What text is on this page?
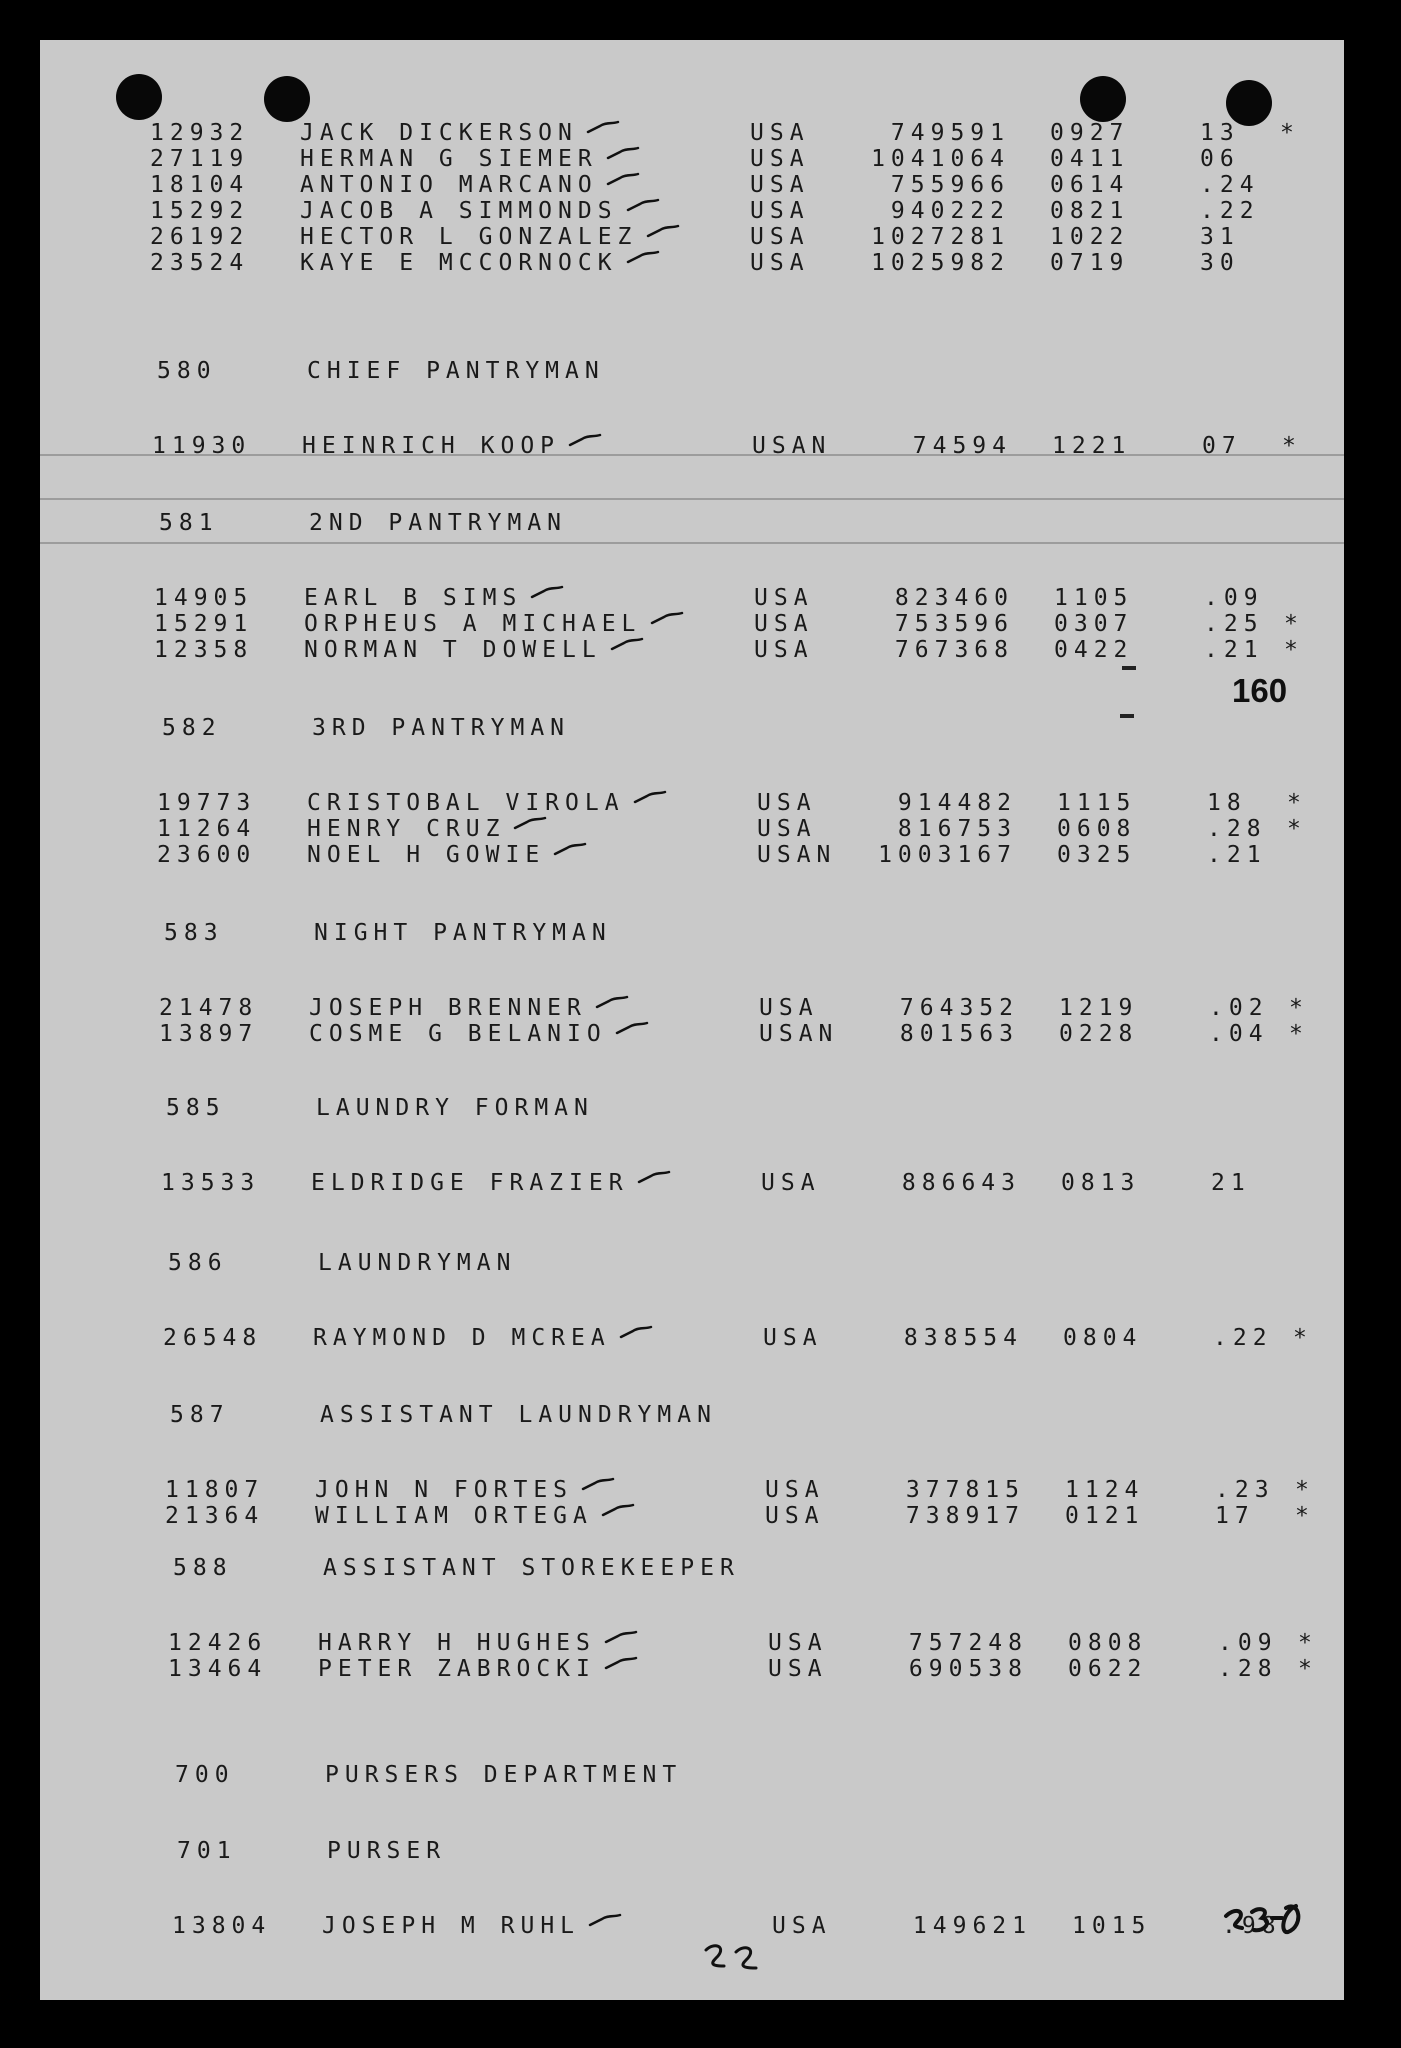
12932 JACK DICKERSON	USA	749591 0927	13 *
27119 HERMAN G SIEMER	USA	1041064 0411	06
18104 ANTONIO MARCANO	USA	755966 0614	.24
15292 JACOB A SIMMONDS	USA	940222 0821	.22
26192 HECTOR L GONZALEZ	USA	1027281 1022	31
23524 KAYE E MCCORNOCK	USA	1025982 0719	30
580	CHIEF PANTRYMAN
11930 HEINRICH KOOP	USAN	74594 1221	07 *
581	2ND PANTRYMAN
14905 EARL B SIMS	USA	823460 1105	.09
15291 ORPHEUS A MICHAEL	USA	753596 0307	.25 *
12358 NORMAN T DOWELL	USA	767368 0422	.21 *
582	3RD PANTRYMAN
19773 CRISTOBAL VIROLA	USA	914482 1115	18 *
11264 HENRY CRUZ	USA	816753 0608	.28 *
23600 NOEL H GOWIE	USAN	1003167 0325	.21
583	NIGHT PANTRYMAN
21478 JOSEPH BRENNER	USA	764352 1219	.02 *
13897 COSME G BELANIO	USAN	801563 0228	.04 *
585	LAUNDRY FORMAN
13533 ELDRIDGE FRAZIER	USA	886643 0813	21
586	LAUNDRYMAN
26548 RAYMOND D MCREA	USA	838554 0804	.22 *
587	ASSISTANT LAUNDRYMAN
11807 JOHN N FORTES	USA	377815 1124	.23 *
21364 WILLIAM ORTEGA	USA	738917 0121	17 *
588	ASSISTANT STOREKEEPER
12426 HARRY H HUGHES	USA	757248 0808	.09 *
13464 PETER ZABROCKI	USA	690538 0622	.28 *
700	PURSERS DEPARTMENT
701	PURSER
13804 JOSEPH M RUHL	USA	149621 1015	.98
160
